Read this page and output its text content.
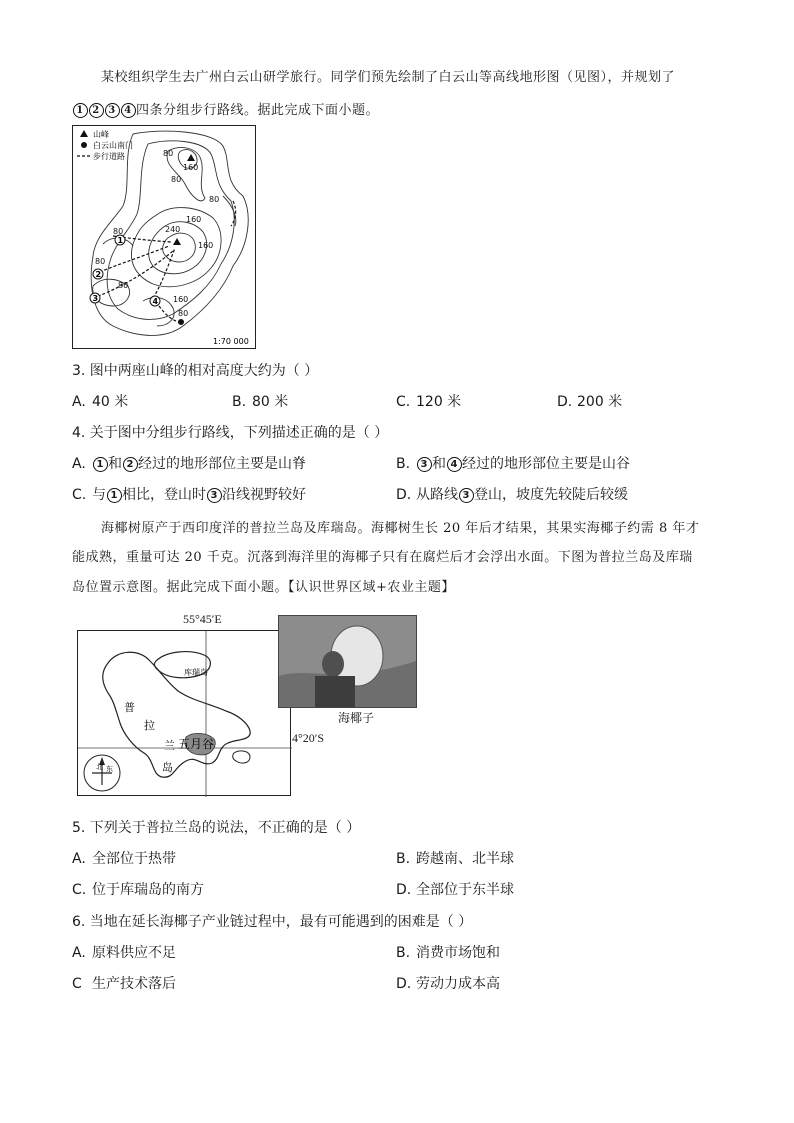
某校组织学生去广州白云山研学旅行。同学们预先绘制了白云山等高线地形图（见图），并规划了
1 2 3 4 四条分组步行路线。据此完成下面小题。
山峰
白云山南门
步行道路
1
2
3	4
160
80
80
160
240
160
80
80
80
160
80
80
1:70 000
3. 图中两座山峰的相对高度大约为（ ）
A. 40 米	B. 80 米	C. 120 米	D. 200 米
4. 关于图中分组步行路线，下列描述正确的是（ ）
A. 1 和 2 经过的地形部位主要是山脊	B. 3 和 4 经过的地形部位主要是山谷
C. 与 1 相比，登山时 3 沿线视野较好	D. 从路线 3 登山，坡度先较陡后较缓
海椰树原产于西印度洋的普拉兰岛及库瑞岛。海椰树生长 20 年后才结果，其果实海椰子约需 8 年才
能成熟，重量可达 20 千克。沉落到海洋里的海椰子只有在腐烂后才会浮出水面。下图为普拉兰岛及库瑞
岛位置示意图。据此完成下面小题。【认识世界区域+农业主题】
库瑞岛
普
拉
兰
岛
五月谷
北 东
55°45′E
4°20′S
海椰子
5. 下列关于普拉兰岛的说法，不正确的是（ ）
A. 全部位于热带	B. 跨越南、北半球
C. 位于库瑞岛的南方	D. 全部位于东半球
6. 当地在延长海椰子产业链过程中，最有可能遇到的困难是（ ）
A. 原料供应不足	B. 消费市场饱和
C 生产技术落后	D. 劳动力成本高
